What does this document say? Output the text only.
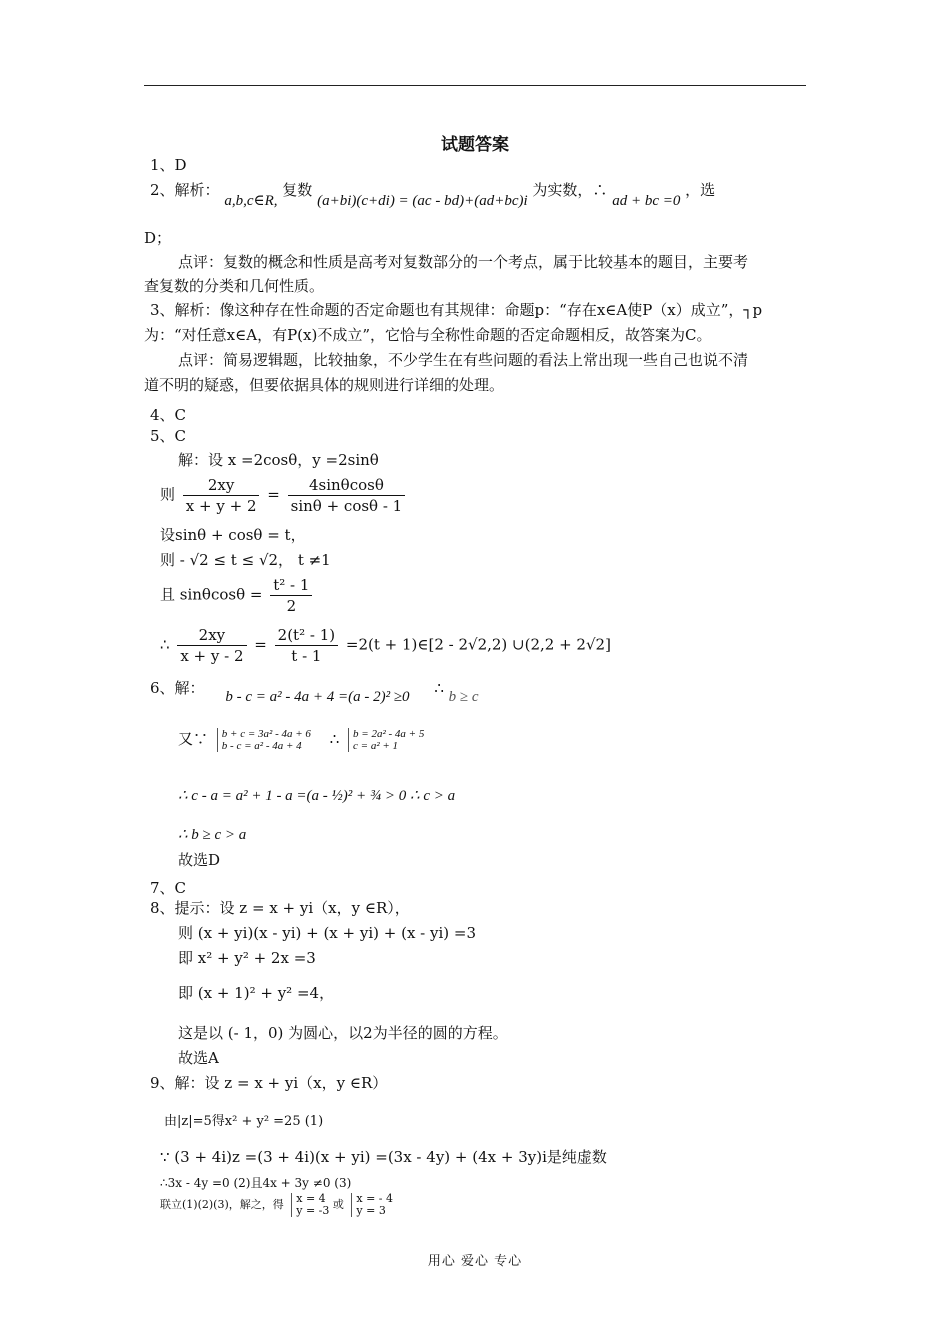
试题答案
1、D
2、解析： a,b,c∈R, 复数 (a+bi)(c+di) = (ac - bd)+(ad+bc)i 为实数，∴ ad + bc =0 ，选
D；
点评：复数的概念和性质是高考对复数部分的一个考点，属于比较基本的题目，主要考
查复数的分类和几何性质。
3、解析：像这种存在性命题的否定命题也有其规律：命题p：“存在x∈A使P（x）成立”，┐p
为：“对任意x∈A，有P(x)不成立”，它恰与全称性命题的否定命题相反，故答案为C。
点评：简易逻辑题，比较抽象，不少学生在有些问题的看法上常出现一些自己也说不清
道不明的疑惑，但要依据具体的规则进行详细的处理。
4、C
5、C
解：设 x =2cosθ，y =2sinθ
则 $\frac{2xy}{x + y + 2} = \frac{4\sin\theta\cos\theta}{\sin\theta + \cos\theta - 1}$
设sinθ + cosθ = t，
则 - √2 ≤ t ≤ √2， t ≠1
且 $\sin\theta\cos\theta = \frac{\text{t² - 1}}{2}$
∴ $\frac{2xy}{x + y - 2} = \frac{\text{2(t² - 1)}}{t - 1} =2(t$ + 1)∈[2 - 2√2,2) ∪(2,2 + 2√2]
6、解： b - c = a² - 4a + 4 =(a - 2)² ≥0 ∴ b ≥ c
又∵ b + c = 3a² - 4a + 6
b - c = a² - 4a + 4	∴ b = 2a² - 4a + 5
c = a² + 1
∴ c - a = a² + 1 - a =(a - ½)² + ¾ > 0 ∴ c > a
∴ b ≥ c > a
故选D
7、C
8、提示：设 z = x + yi（x，y ∈R），
则 (x + yi)(x - yi) + (x + yi) + (x - yi) =3
即 x² + y² + 2x =3
即 (x + 1)² + y² =4，
这是以 (- 1，0) 为圆心，以2为半径的圆的方程。
故选A
9、解：设 z = x + yi（x，y ∈R）
由|z|=5得x² + y² =25 (1)
∵ (3 + 4i)z =(3 + 4i)(x + yi) =(3x - 4y) + (4x + 3y)i是纯虚数
∴3x - 4y =0 (2)且4x + 3y ≠0 (3)
联立(1)(2)(3)，解之，得 x = 4
y = -3 或 x = - 4
y = 3
用心 爱心 专心
